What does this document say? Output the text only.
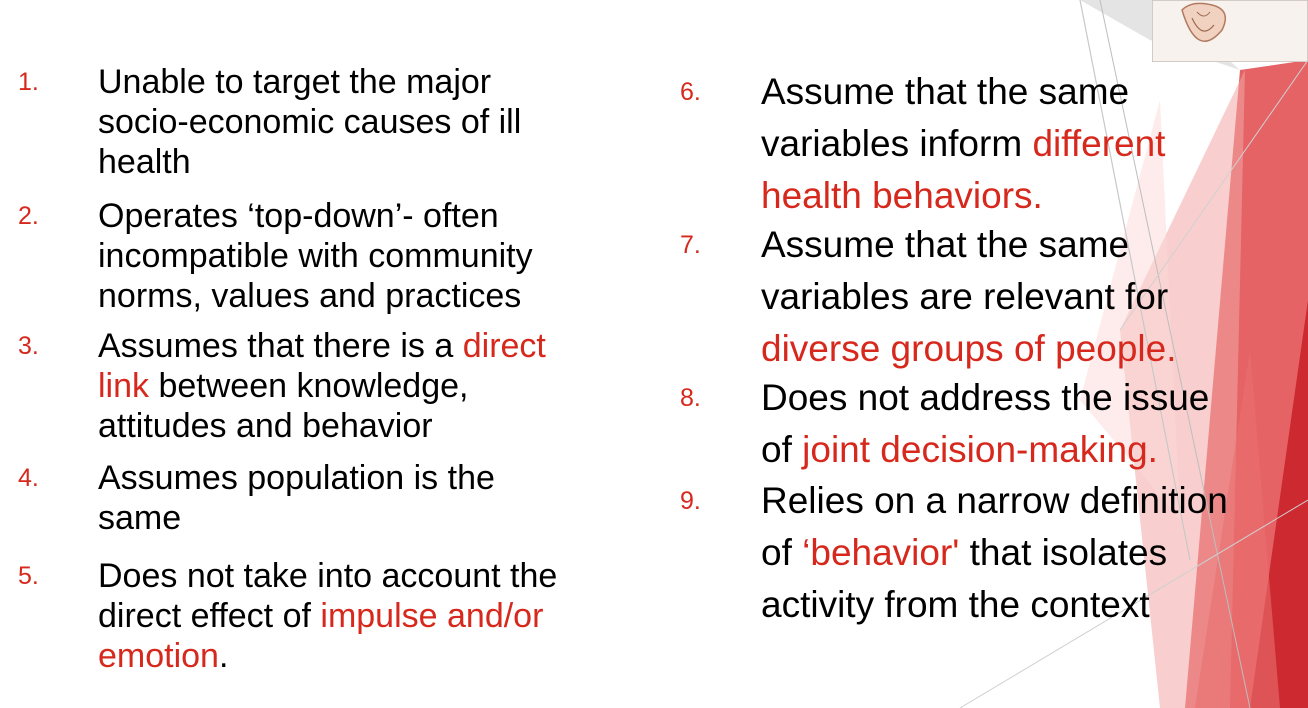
1. Unable to target the major
socio-economic causes of ill
health
2. Operates ‘top-down’- often
incompatible with community
norms, values and practices
3. Assumes that there is a direct
link between knowledge,
attitudes and behavior
4. Assumes population is the
same
5. Does not take into account the
direct effect of impulse and/or
emotion.
6. Assume that the same
variables inform different
health behaviors.
7. Assume that the same
variables are relevant for
diverse groups of people.
8. Does not address the issue
of joint decision-making.
9. Relies on a narrow definition
of ‘behavior' that isolates
activity from the context
